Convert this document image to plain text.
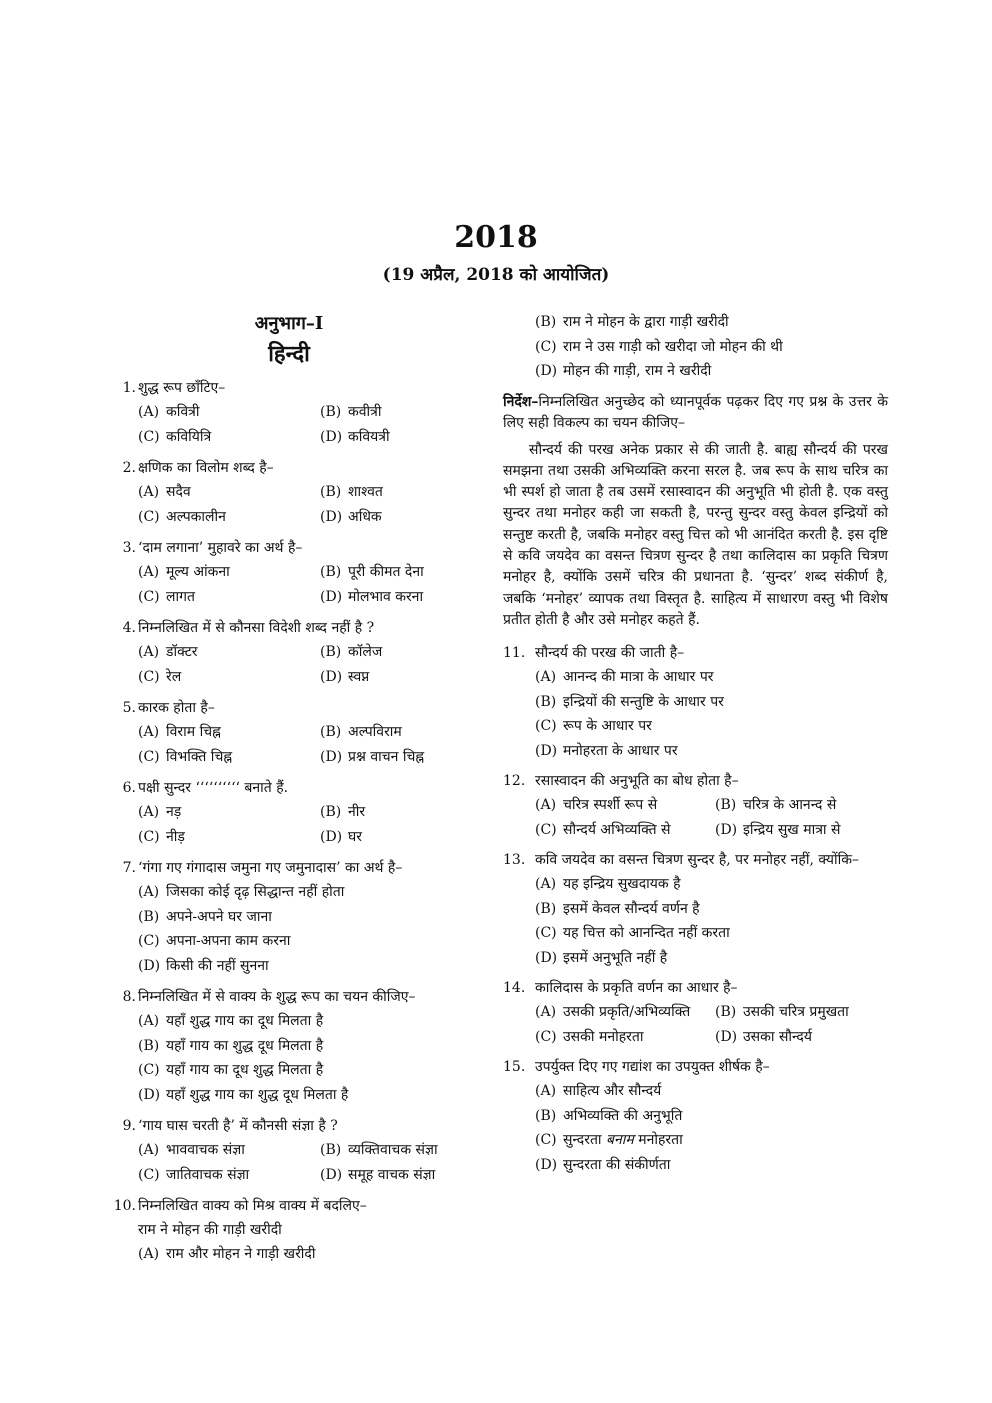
2018
(19 अप्रैल, 2018 को आयोजित)
अनुभाग–I
हिन्दी
1. शुद्ध रूप छाँटिए–
(A) कवित्री	(B) कवीत्री
(C) कवियित्रि	(D) कवियत्री
2. क्षणिक का विलोम शब्द है–
(A) सदैव	(B) शाश्वत
(C) अल्पकालीन	(D) अधिक
3. ‘दाम लगाना’ मुहावरे का अर्थ है–
(A) मूल्य आंकना	(B) पूरी कीमत देना
(C) लागत	(D) मोलभाव करना
4. निम्नलिखित में से कौनसा विदेशी शब्द नहीं है ?
(A) डॉक्टर	(B) कॉलेज
(C) रेल	(D) स्वप्न
5. कारक होता है–
(A) विराम चिह्न	(B) अल्पविराम
(C) विभक्ति चिह्न	(D) प्रश्न वाचन चिह्न
6. पक्षी सुन्दर ‘‘‘‘‘‘‘‘‘‘ बनाते हैं.
(A) नड़	(B) नीर
(C) नीड़	(D) घर
7. ‘गंगा गए गंगादास जमुना गए जमुनादास’ का अर्थ है–
(A) जिसका कोई दृढ़ सिद्धान्त नहीं होता
(B) अपने-अपने घर जाना
(C) अपना-अपना काम करना
(D) किसी की नहीं सुनना
8. निम्नलिखित में से वाक्य के शुद्ध रूप का चयन कीजिए–
(A) यहाँ शुद्ध गाय का दूध मिलता है
(B) यहाँ गाय का शुद्ध दूध मिलता है
(C) यहाँ गाय का दूध शुद्ध मिलता है
(D) यहाँ शुद्ध गाय का शुद्ध दूध मिलता है
9. ‘गाय घास चरती है’ में कौनसी संज्ञा है ?
(A) भाववाचक संज्ञा	(B) व्यक्तिवाचक संज्ञा
(C) जातिवाचक संज्ञा	(D) समूह वाचक संज्ञा
10. निम्नलिखित वाक्य को मिश्र वाक्य में बदलिए–
राम ने मोहन की गाड़ी खरीदी
(A) राम और मोहन ने गाड़ी खरीदी
(B) राम ने मोहन के द्वारा गाड़ी खरीदी
(C) राम ने उस गाड़ी को खरीदा जो मोहन की थी
(D) मोहन की गाड़ी, राम ने खरीदी
निर्देश–निम्नलिखित अनुच्छेद को ध्यानपूर्वक पढ़कर दिए गए प्रश्न के उत्तर के लिए सही विकल्प का चयन कीजिए–
सौन्दर्य की परख अनेक प्रकार से की जाती है. बाह्य सौन्दर्य की परख समझना तथा उसकी अभिव्यक्ति करना सरल है. जब रूप के साथ चरित्र का भी स्पर्श हो जाता है तब उसमें रसास्वादन की अनुभूति भी होती है. एक वस्तु सुन्दर तथा मनोहर कही जा सकती है, परन्तु सुन्दर वस्तु केवल इन्द्रियों को सन्तुष्ट करती है, जबकि मनोहर वस्तु चित्त को भी आनंदित करती है. इस दृष्टि से कवि जयदेव का वसन्त चित्रण सुन्दर है तथा कालिदास का प्रकृति चित्रण मनोहर है, क्योंकि उसमें चरित्र की प्रधानता है. ‘सुन्दर’ शब्द संकीर्ण है, जबकि ‘मनोहर’ व्यापक तथा विस्तृत है. साहित्य में साधारण वस्तु भी विशेष प्रतीत होती है और उसे मनोहर कहते हैं.
11. सौन्दर्य की परख की जाती है–
(A) आनन्द की मात्रा के आधार पर
(B) इन्द्रियों की सन्तुष्टि के आधार पर
(C) रूप के आधार पर
(D) मनोहरता के आधार पर
12. रसास्वादन की अनुभूति का बोध होता है–
(A) चरित्र स्पर्शी रूप से	(B) चरित्र के आनन्द से
(C) सौन्दर्य अभिव्यक्ति से	(D) इन्द्रिय सुख मात्रा से
13. कवि जयदेव का वसन्त चित्रण सुन्दर है, पर मनोहर नहीं, क्योंकि–
(A) यह इन्द्रिय सुखदायक है
(B) इसमें केवल सौन्दर्य वर्णन है
(C) यह चित्त को आनन्दित नहीं करता
(D) इसमें अनुभूति नहीं है
14. कालिदास के प्रकृति वर्णन का आधार है–
(A) उसकी प्रकृति/अभिव्यक्ति (B) उसकी चरित्र प्रमुखता
(C) उसकी मनोहरता	(D) उसका सौन्दर्य
15. उपर्युक्त दिए गए गद्यांश का उपयुक्त शीर्षक है–
(A) साहित्य और सौन्दर्य
(B) अभिव्यक्ति की अनुभूति
(C) सुन्दरता बनाम मनोहरता
(D) सुन्दरता की संकीर्णता
